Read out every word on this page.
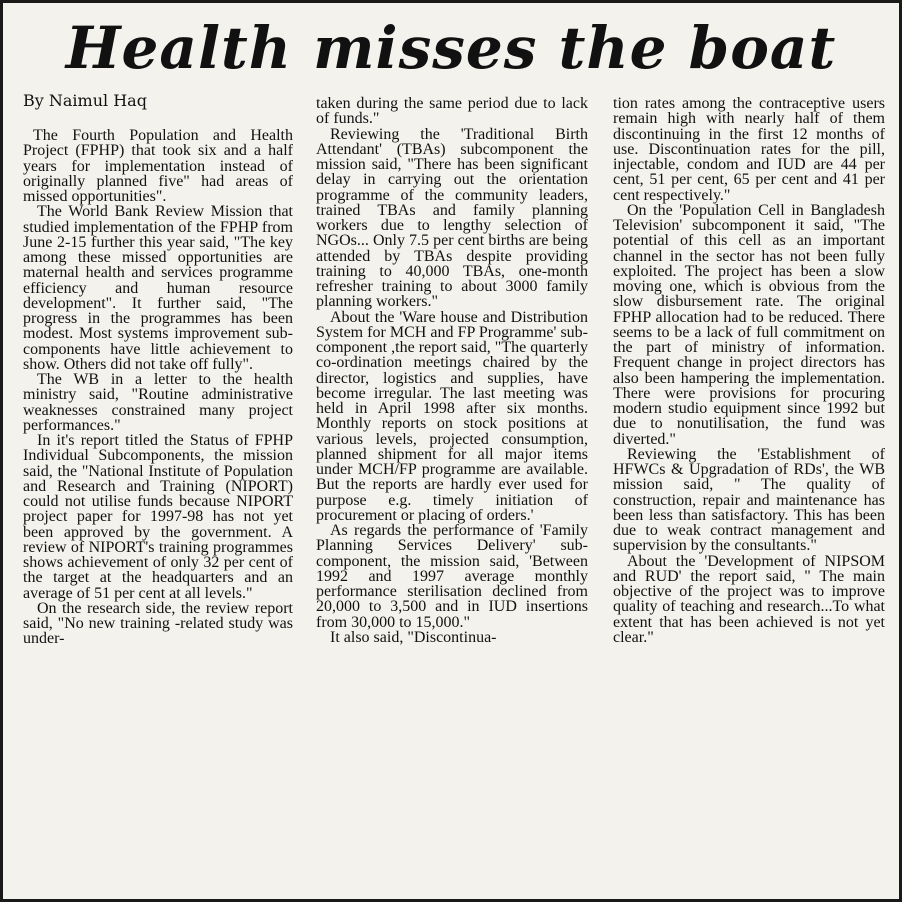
Health misses the boat
By Naimul Haq

The Fourth Population and Health Project (FPHP) that took six and a half years for implementation instead of originally planned five" had areas of missed opportunities".

The World Bank Review Mission that studied implementation of the FPHP from June 2-15 further this year said, "The key among these missed opportunities are maternal health and services programme efficiency and human resource development". It further said, "The progress in the programmes has been modest. Most systems improvement sub-components have little achievement to show. Others did not take off fully".

The WB in a letter to the health ministry said, "Routine administrative weaknesses constrained many project performances."

In it's report titled the Status of FPHP Individual Subcomponents, the mission said, the "National Institute of Population and Research and Training (NIPORT) could not utilise funds because NIPORT project paper for 1997-98 has not yet been approved by the government. A review of NIPORT's training programmes shows achievement of only 32 per cent of the target at the headquarters and an average of 51 per cent at all levels."

On the research side, the review report said, "No new training -related study was under-

taken during the same period due to lack of funds."

Reviewing the 'Traditional Birth Attendant' (TBAs) subcomponent the mission said, "There has been significant delay in carrying out the orientation programme of the community leaders, trained TBAs and family planning workers due to lengthy selection of NGOs... Only 7.5 per cent births are being attended by TBAs despite providing training to 40,000 TBAs, one-month refresher training to about 3000 family planning workers."

About the 'Ware house and Distribution System for MCH and FP Programme' sub-component ,the report said, "The quarterly co-ordination meetings chaired by the director, logistics and supplies, have become irregular. The last meeting was held in April 1998 after six months. Monthly reports on stock positions at various levels, projected consumption, planned shipment for all major items under MCH/FP programme are available. But the reports are hardly ever used for purpose e.g. timely initiation of procurement or placing of orders.'

As regards the performance of 'Family Planning Services Delivery' sub-component, the mission said, 'Between 1992 and 1997 average monthly performance sterilisation declined from 20,000 to 3,500 and in IUD insertions from 30,000 to 15,000."

It also said, "Discontinua-

tion rates among the contraceptive users remain high with nearly half of them discontinuing in the first 12 months of use. Discontinuation rates for the pill, injectable, condom and IUD are 44 per cent, 51 per cent, 65 per cent and 41 per cent respectively."

On the 'Population Cell in Bangladesh Television' subcomponent it said, "The potential of this cell as an important channel in the sector has not been fully exploited. The project has been a slow moving one, which is obvious from the slow disbursement rate. The original FPHP allocation had to be reduced. There seems to be a lack of full commitment on the part of ministry of information. Frequent change in project directors has also been hampering the implementation. There were provisions for procuring modern studio equipment since 1992 but due to nonutilisation, the fund was diverted."

Reviewing the 'Establishment of HFWCs & Upgradation of RDs', the WB mission said, " The quality of construction, repair and maintenance has been less than satisfactory. This has been due to weak contract management and supervision by the consultants."

About the 'Development of NIPSOM and RUD' the report said, " The main objective of the project was to improve quality of teaching and research...To what extent that has been achieved is not yet clear."
